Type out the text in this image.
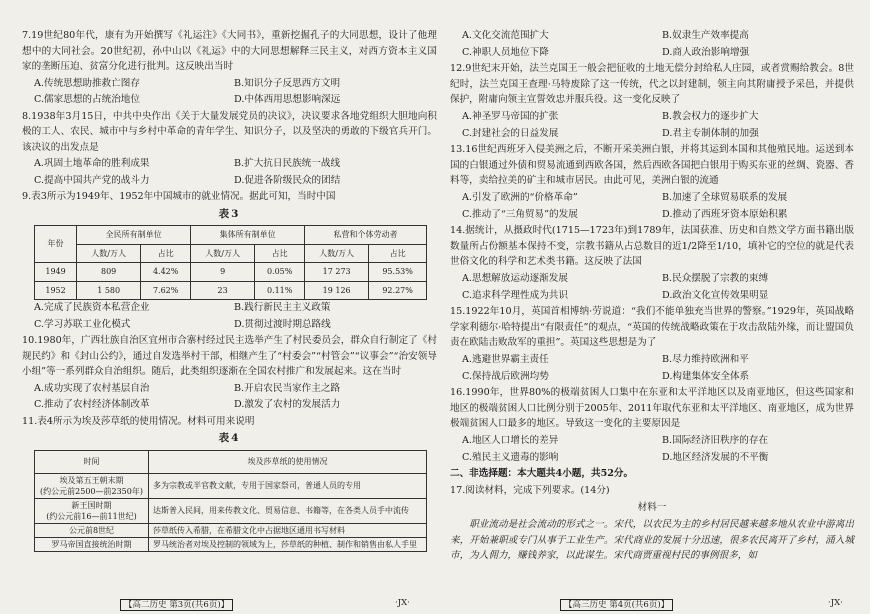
7.19世纪80年代，康有为开始撰写《礼运注》《大同书》，重新挖掘孔子的大同思想，设计了他理想中的大同社会。20世纪初，孙中山以《礼运》中的大同思想解释三民主义，对西方资本主义国家的垄断压迫、贫富分化进行批判。这反映出当时

A.传统思想助推救亡图存	B.知识分子反思西方文明
C.儒家思想的占统治地位	D.中体西用思想影响深远

8.1938年3月15日，中共中央作出《关于大量发展党员的决议》，决议要求各地党组织大胆地向积极的工人、农民、城市中与乡村中革命的青年学生、知识分子，以及坚决的勇敢的下级官兵开门。该决议的出发点是

A.巩固土地革命的胜利成果	B.扩大抗日民族统一战线
C.提高中国共产党的战斗力	D.促进各阶级民众的团结

9.表3所示为1949年、1952年中国城市的就业情况。据此可知，当时中国

表3
年份	全民所有制单位		集体所有制单位		私营和个体劳动者	
	人数/万人	占比	人数/万人	占比	人数/万人	占比
1949	809	4.42%	9	0.05%	17 273	95.53%
1952	1 580	7.62%	23	0.11%	19 126	92.27%
A.完成了民族资本私营企业	B.践行新民主主义政策
C.学习苏联工业化模式	D.贯彻过渡时期总路线

10.1980年，广西壮族自治区宜州市合寨村经过民主选举产生了村民委员会，群众自行制定了《村规民约》和《封山公约》，通过自发选举村干部，相继产生了“村委会”“村管会”“议事会”“治安领导小组”等一系列群众自治组织。随后，此类组织逐渐在全国农村推广和发展起来。这在当时

A.成功实现了农村基层自治	B.开启农民当家作主之路
C.推动了农村经济体制改革	D.激发了农村的发展活力

11.表4所示为埃及莎草纸的使用情况。材料可用来说明

表4
时间	埃及莎草纸的使用情况
埃及第五王朝末期
(约公元前2500—前2350年)	多为宗教或半官教文献，专用于国家祭司，普通人员的专用
新王国时期
(约公元前16—前11世纪)	达斯普入民间，用来传教文化、贸易信息、书籍等，在各类人员手中流传
公元前8世纪	莎草纸传入希腊，在希腊文化中占据地区通用书写材料
罗马帝国直接统治时期	罗马统治者对埃及控制的领域为上，莎草纸的种植、制作和销售由私人手里
【高二历史 第3页(共6页)】	·JX·
A.文化交流范围扩大	B.奴隶生产效率提高
C.神职人员地位下降	D.商人政治影响增强

12.9世纪末开始，法兰克国王一般会把征收的土地无偿分封给私人庄园，或者赏赐给教会。8世纪时，法兰克国王查理·马特废除了这一传统，代之以封建制，领主向其附庸授予采邑，并提供保护，附庸向领主宣誓效忠并服兵役。这一变化反映了

A.神圣罗马帝国的扩张	B.教会权力的逐步扩大
C.封建社会的日益发展	D.君主专制体制的加强

13.16世纪西班牙入侵美洲之后，不断开采美洲白银，并将其运到本国和其他殖民地。运送到本国的白银通过外债和贸易流通到西欧各国，然后西欧各国把白银用于购买东亚的丝绸、瓷器、香料等，卖给拉美的矿主和城市居民。由此可见，美洲白银的流通

A.引发了欧洲的“价格革命”	B.加速了全球贸易联系的发展
C.推动了“三角贸易”的发展	D.推动了西班牙资本原始积累

14.据统计，从摄政时代(1715—1723年)到1789年，法国获准、历史和自然文学方面书籍出版数量所占份额基本保持不变，宗教书籍从占总数目的近1/2降至1/10，填补它的空位的就是代表世俗文化的科学和艺术类书籍。这反映了法国

A.思想解放运动逐渐发展	B.民众摆脱了宗教的束缚
C.追求科学理性成为共识	D.政治文化宣传效果明显

15.1922年10月，英国首相博纳·劳说道：“我们不能单独充当世界的警察。”1929年，英国战略学家利德尔·哈特提出“有限责任”的观点，“英国的传统战略政策在于攻击敌陆外缘，而让盟国负责在欧陆击败敌军的重担”。英国这些思想是为了

A.逃避世界霸主责任	B.尽力维持欧洲和平
C.保持战后欧洲均势	D.构建集体安全体系

16.1990年，世界80%的极端贫困人口集中在东亚和太平洋地区以及南亚地区，但这些国家和地区的极端贫困人口比例分别于2005年、2011年取代东亚和太平洋地区、南亚地区，成为世界极端贫困人口最多的地区。导致这一变化的主要原因是

A.地区人口增长的差异	B.国际经济旧秩序的存在
C.殖民主义遗毒的影响	D.地区经济发展的不平衡

二、非选择题：本大题共4小题，共52分。

17.阅读材料，完成下列要求。(14分)

材料一

职业流动是社会流动的形式之一。宋代，以农民为主的乡村居民越来越多地从农业中游离出来，开始兼职或专门从事于工业生产。宋代商业的发展十分迅速，很多农民离开了乡村，涌入城市，为人佣力，赚钱养家，以此谋生。宋代商贾重视村民的事例很多，如

【高三历史 第4页(共6页)】	·JX·
